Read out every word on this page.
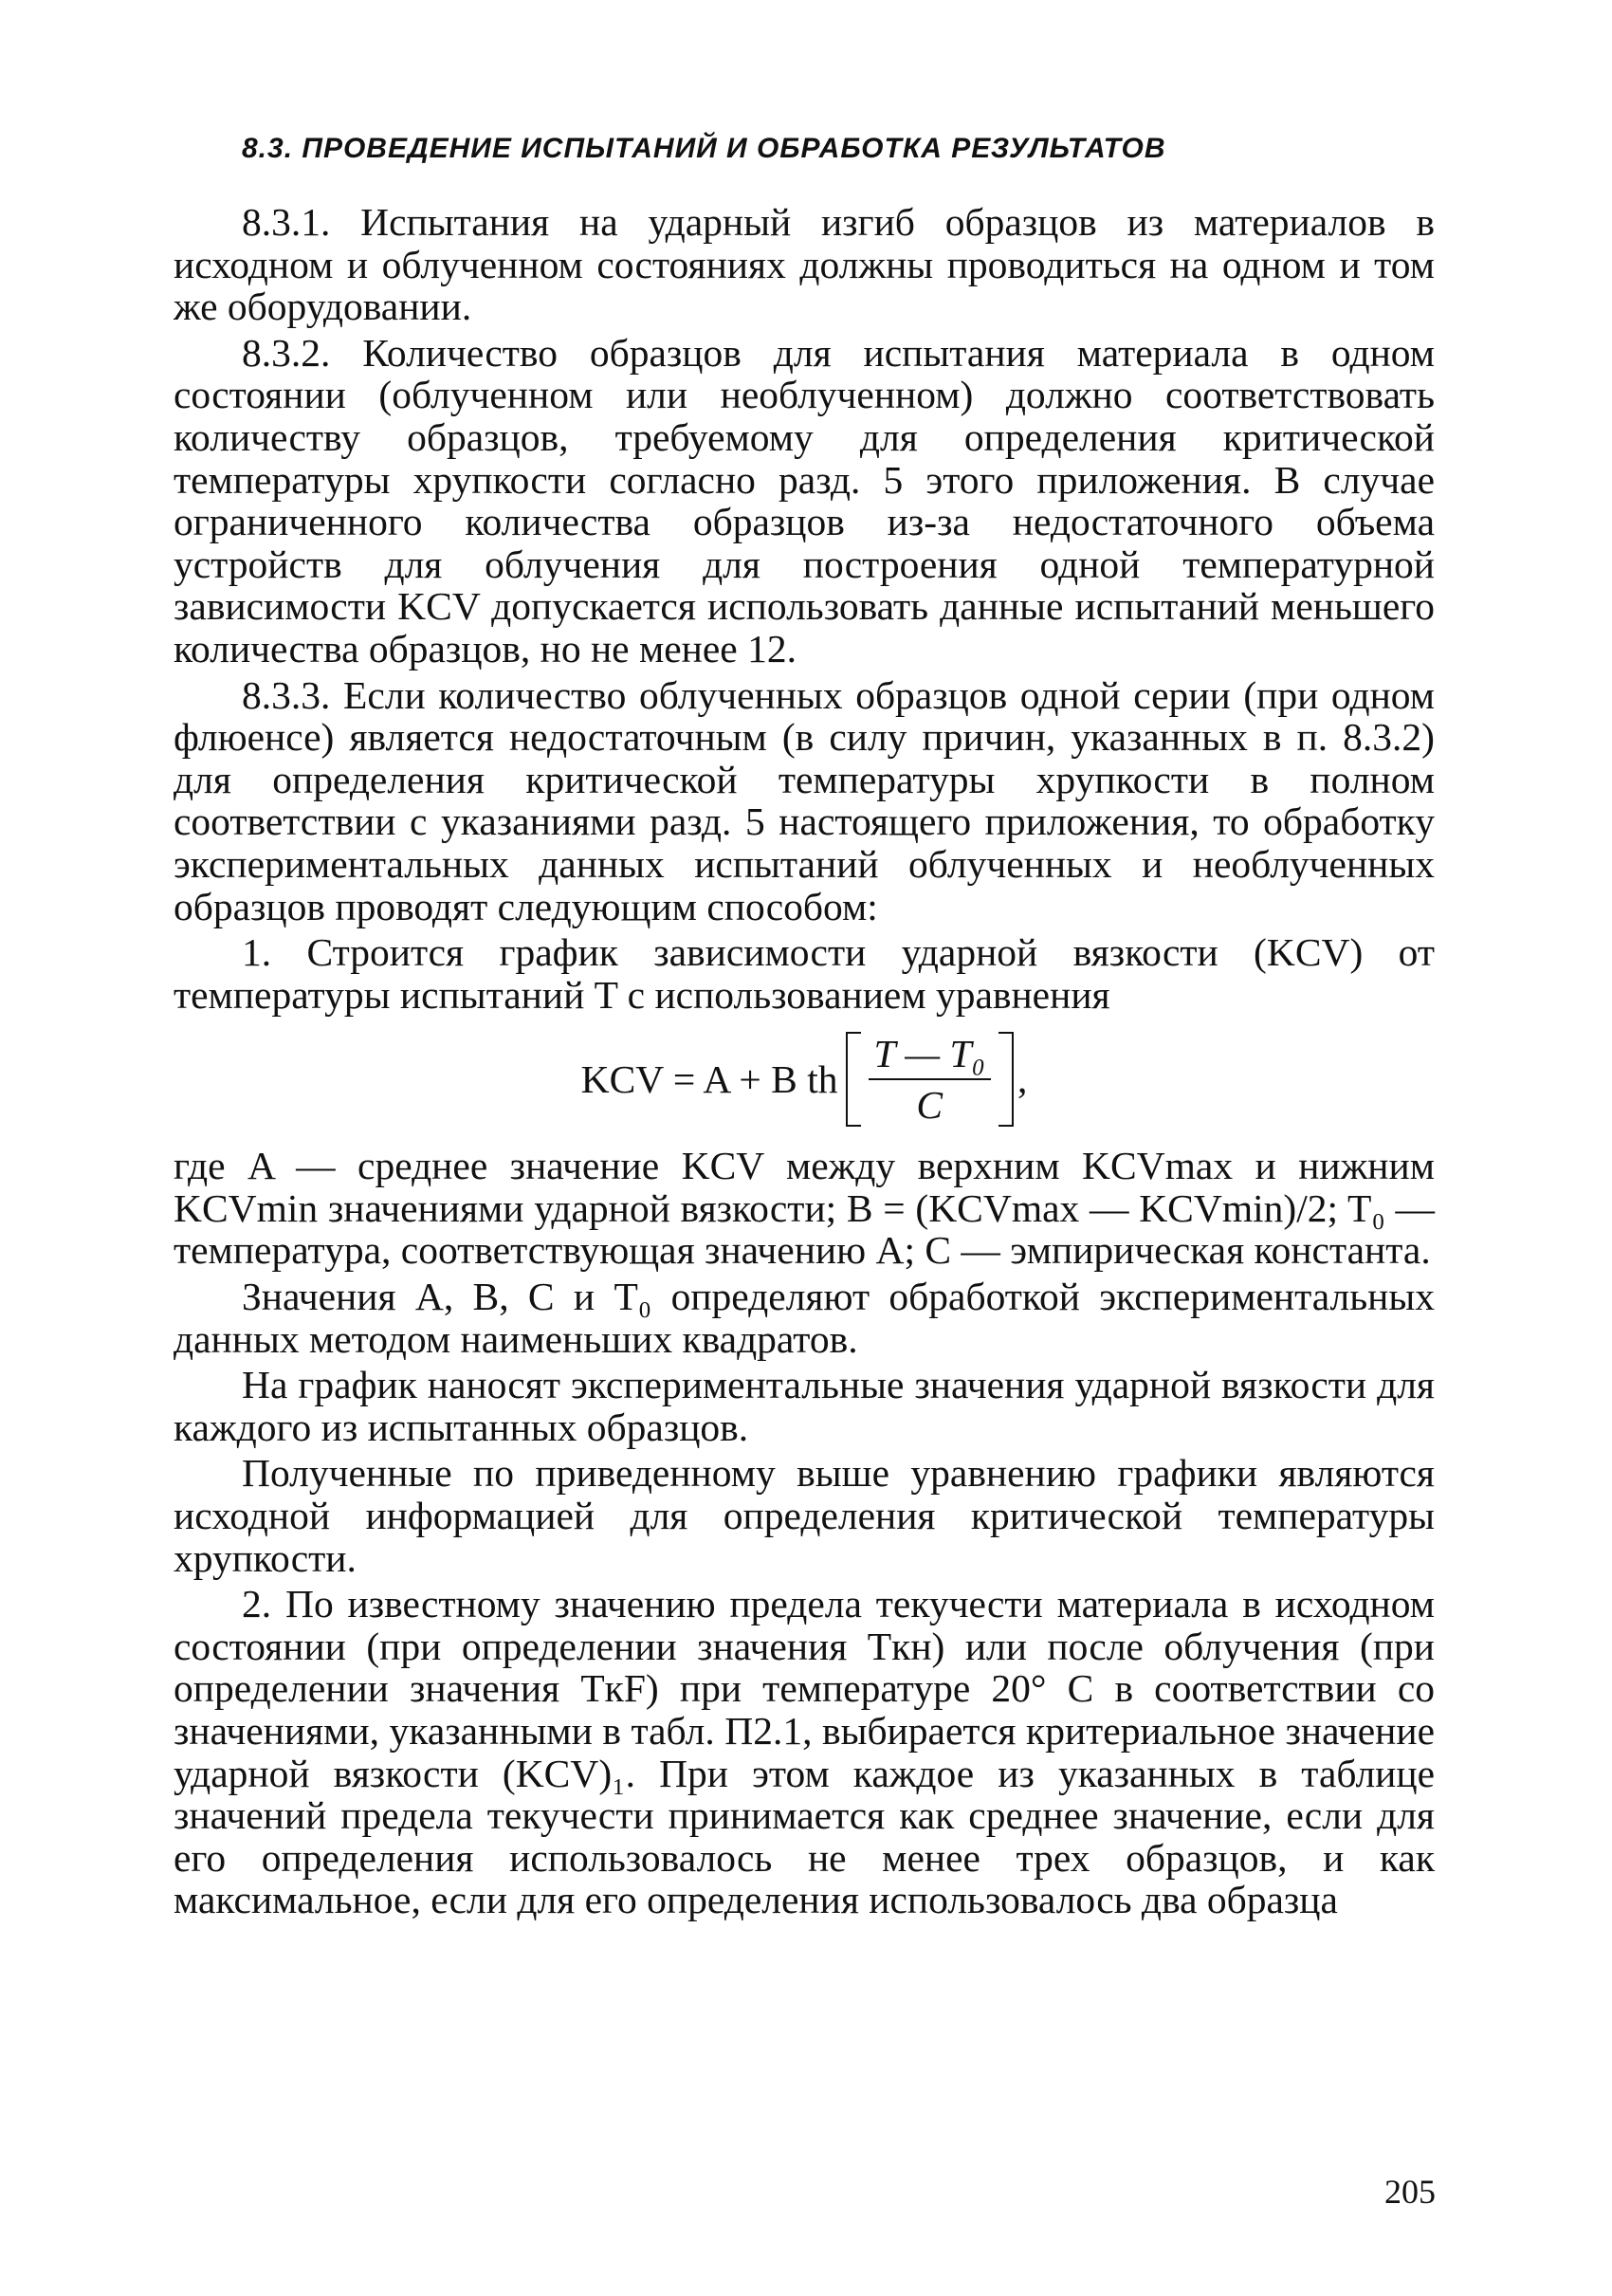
8.3. ПРОВЕДЕНИЕ ИСПЫТАНИЙ И ОБРАБОТКА РЕЗУЛЬТАТОВ

8.3.1. Испытания на ударный изгиб образцов из материалов в исходном и облученном состояниях должны проводиться на одном и том же оборудовании.

8.3.2. Количество образцов для испытания материала в одном состоянии (облученном или необлученном) должно соответствовать количеству образцов, требуемому для определения критической температуры хрупкости согласно разд. 5 этого приложения. В случае ограниченного количества образцов из-за недостаточного объема устройств для облучения для построения одной температурной зависимости KCV допускается использовать данные испытаний меньшего количества образцов, но не менее 12.

8.3.3. Если количество облученных образцов одной серии (при одном флюенсе) является недостаточным (в силу причин, указанных в п. 8.3.2) для определения критической температуры хрупкости в полном соответствии с указаниями разд. 5 настоящего приложения, то обработку экспериментальных данных испытаний облученных и необлученных образцов проводят следующим способом:

1. Строится график зависимости ударной вязкости (KCV) от температуры испытаний T с использованием уравнения

KCV = A + B th $\frac{\text{T — T₀}}{C}$ ,

где A — среднее значение KCV между верхним KCVmax и нижним KCVmin значениями ударной вязкости; B = (KCVmax — KCVmin)/2; T₀ — температура, соответствующая значению A; C — эмпирическая константа.

Значения A, B, C и T₀ определяют обработкой экспериментальных данных методом наименьших квадратов.

На график наносят экспериментальные значения ударной вязкости для каждого из испытанных образцов.

Полученные по приведенному выше уравнению графики являются исходной информацией для определения критической температуры хрупкости.

2. По известному значению предела текучести материала в исходном состоянии (при определении значения Tкн) или после облучения (при определении значения TкF) при температуре 20° C в соответствии со значениями, указанными в табл. П2.1, выбирается критериальное значение ударной вязкости (KCV)₁. При этом каждое из указанных в таблице значений предела текучести принимается как среднее значение, если для его определения использовалось не менее трех образцов, и как максимальное, если для его определения использовалось два образца

205
